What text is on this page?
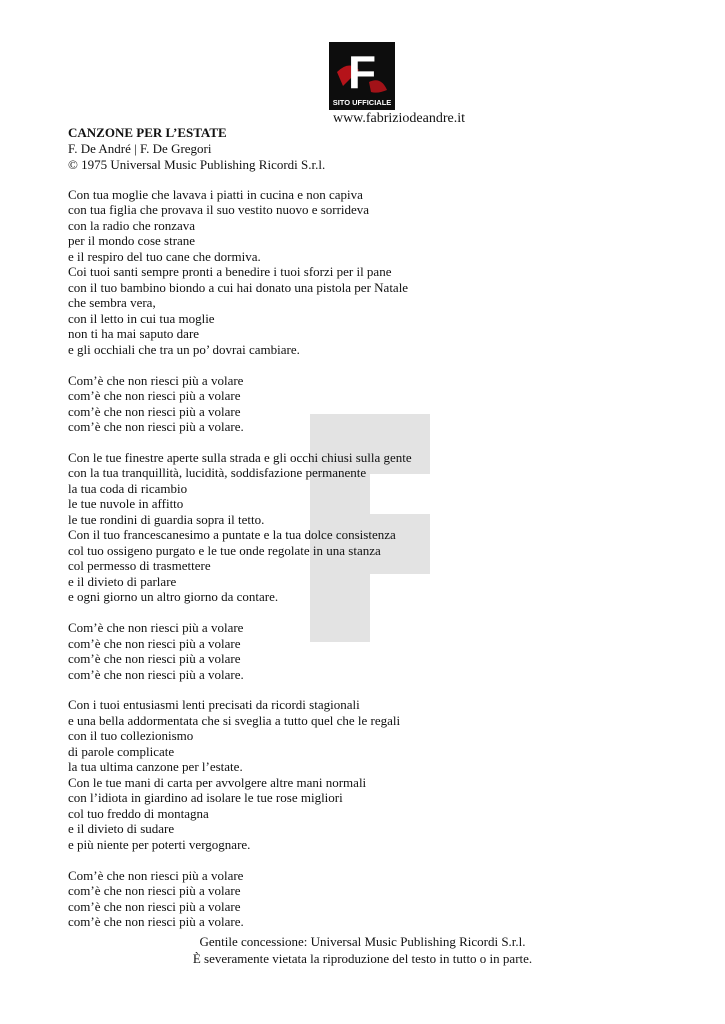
F
SITO UFFICIALE
www.fabriziodeandre.it
CANZONE PER L’ESTATE
F. De André | F. De Gregori
© 1975 Universal Music Publishing Ricordi S.r.l.
Con tua moglie che lavava i piatti in cucina e non capiva
con tua figlia che provava il suo vestito nuovo e sorrideva
con la radio che ronzava
per il mondo cose strane
e il respiro del tuo cane che dormiva.
Coi tuoi santi sempre pronti a benedire i tuoi sforzi per il pane
con il tuo bambino biondo a cui hai donato una pistola per Natale
che sembra vera,
con il letto in cui tua moglie
non ti ha mai saputo dare
e gli occhiali che tra un po’ dovrai cambiare.
Com’è che non riesci più a volare
com’è che non riesci più a volare
com’è che non riesci più a volare
com’è che non riesci più a volare.
Con le tue finestre aperte sulla strada e gli occhi chiusi sulla gente
con la tua tranquillità, lucidità, soddisfazione permanente
la tua coda di ricambio
le tue nuvole in affitto
le tue rondini di guardia sopra il tetto.
Con il tuo francescanesimo a puntate e la tua dolce consistenza
col tuo ossigeno purgato e le tue onde regolate in una stanza
col permesso di trasmettere
e il divieto di parlare
e ogni giorno un altro giorno da contare.
Com’è che non riesci più a volare
com’è che non riesci più a volare
com’è che non riesci più a volare
com’è che non riesci più a volare.
Con i tuoi entusiasmi lenti precisati da ricordi stagionali
e una bella addormentata che si sveglia a tutto quel che le regali
con il tuo collezionismo
di parole complicate
la tua ultima canzone per l’estate.
Con le tue mani di carta per avvolgere altre mani normali
con l’idiota in giardino ad isolare le tue rose migliori
col tuo freddo di montagna
e il divieto di sudare
e più niente per poterti vergognare.
Com’è che non riesci più a volare
com’è che non riesci più a volare
com’è che non riesci più a volare
com’è che non riesci più a volare.
Gentile concessione: Universal Music Publishing Ricordi S.r.l.
È severamente vietata la riproduzione del testo in tutto o in parte.
